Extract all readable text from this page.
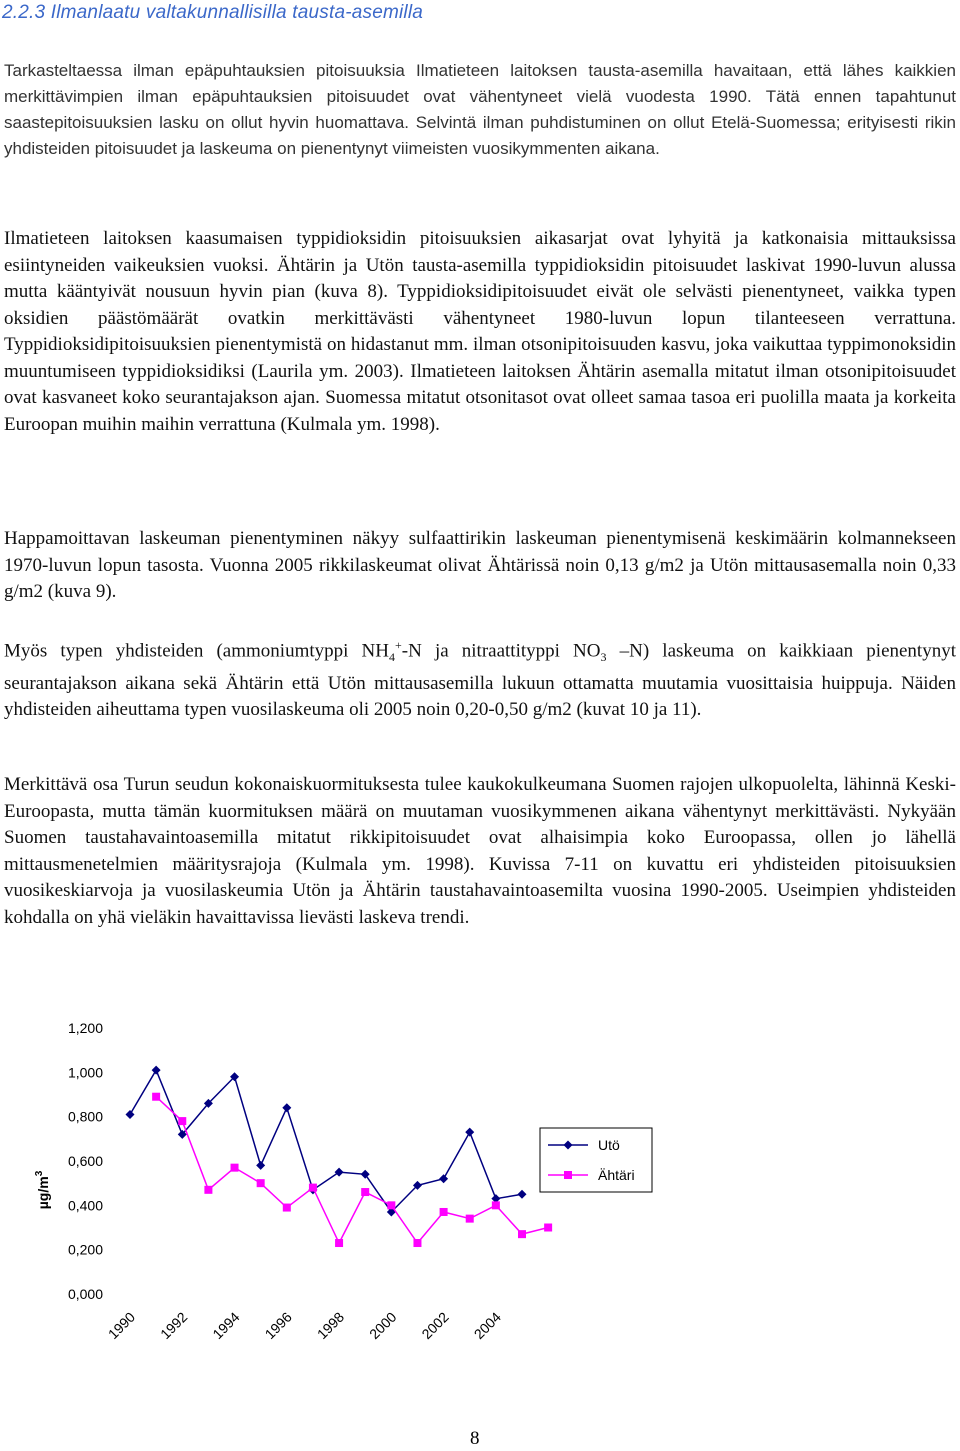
2.2.3 Ilmanlaatu valtakunnallisilla tausta-asemilla

Tarkasteltaessa ilman epäpuhtauksien pitoisuuksia Ilmatieteen laitoksen tausta-asemilla havaitaan, että lähes kaikkien merkittävimpien ilman epäpuhtauksien pitoisuudet ovat vähentyneet vielä vuodesta 1990. Tätä ennen tapahtunut saastepitoisuuksien lasku on ollut hyvin huomattava. Selvintä ilman puhdistuminen on ollut Etelä-Suomessa; erityisesti rikin yhdisteiden pitoisuudet ja laskeuma on pienentynyt viimeisten vuosikymmenten aikana.

Ilmatieteen laitoksen kaasumaisen typpidioksidin pitoisuuksien aikasarjat ovat lyhyitä ja katkonaisia mittauksissa esiintyneiden vaikeuksien vuoksi. Ähtärin ja Utön tausta-asemilla typpidioksidin pitoisuudet laskivat 1990-luvun alussa mutta kääntyivät nousuun hyvin pian (kuva 8). Typpidioksidipitoisuudet eivät ole selvästi pienentyneet, vaikka typen oksidien päästömäärät ovatkin merkittävästi vähentyneet 1980-luvun lopun tilanteeseen verrattuna. Typpidioksidipitoisuuksien pienentymistä on hidastanut mm. ilman otsonipitoisuuden kasvu, joka vaikuttaa typpimonoksidin muuntumiseen typpidioksidiksi (Laurila ym. 2003). Ilmatieteen laitoksen Ähtärin asemalla mitatut ilman otsonipitoisuudet ovat kasvaneet koko seurantajakson ajan. Suomessa mitatut otsonitasot ovat olleet samaa tasoa eri puolilla maata ja korkeita Euroopan muihin maihin verrattuna (Kulmala ym. 1998).

Happamoittavan laskeuman pienentyminen näkyy sulfaattirikin laskeuman pienentymisenä keskimäärin kolmannekseen 1970-luvun lopun tasosta. Vuonna 2005 rikkilaskeumat olivat Ähtärissä noin 0,13 g/m2 ja Utön mittausasemalla noin 0,33 g/m2 (kuva 9).

Myös typen yhdisteiden (ammoniumtyppi $NH_4^+-N$ ja nitraattityppi $NO_3$ –N) laskeuma on kaikkiaan pienentynyt seurantajakson aikana sekä Ähtärin että Utön mittausasemilla lukuun ottamatta muutamia vuosittaisia huippuja. Näiden yhdisteiden aiheuttama typen vuosilaskeuma oli 2005 noin 0,20-0,50 g/m2 (kuvat 10 ja 11).

Merkittävä osa Turun seudun kokonaiskuormituksesta tulee kaukokulkeumana Suomen rajojen ulkopuolelta, lähinnä Keski-Euroopasta, mutta tämän kuormituksen määrä on muutaman vuosikymmenen aikana vähentynyt merkittävästi. Nykyään Suomen taustahavaintoasemilla mitatut rikkipitoisuudet ovat alhaisimpia koko Euroopassa, ollen jo lähellä mittausmenetelmien määritysrajoja (Kulmala ym. 1998). Kuvissa 7-11 on kuvattu eri yhdisteiden pitoisuuksien vuosikeskiarvoja ja vuosilaskeumia Utön ja Ähtärin taustahavaintoasemilta vuosina 1990-2005. Useimpien yhdisteiden kohdalla on yhä vieläkin havaittavissa lievästi laskeva trendi.

$\mu g/m^3$
0,000
0,200
0,400
0,600
0,800
1,000
1,200
1990 1992 1994 1996 1998 2000 2002 2004
Utö
Ähtäri
8
